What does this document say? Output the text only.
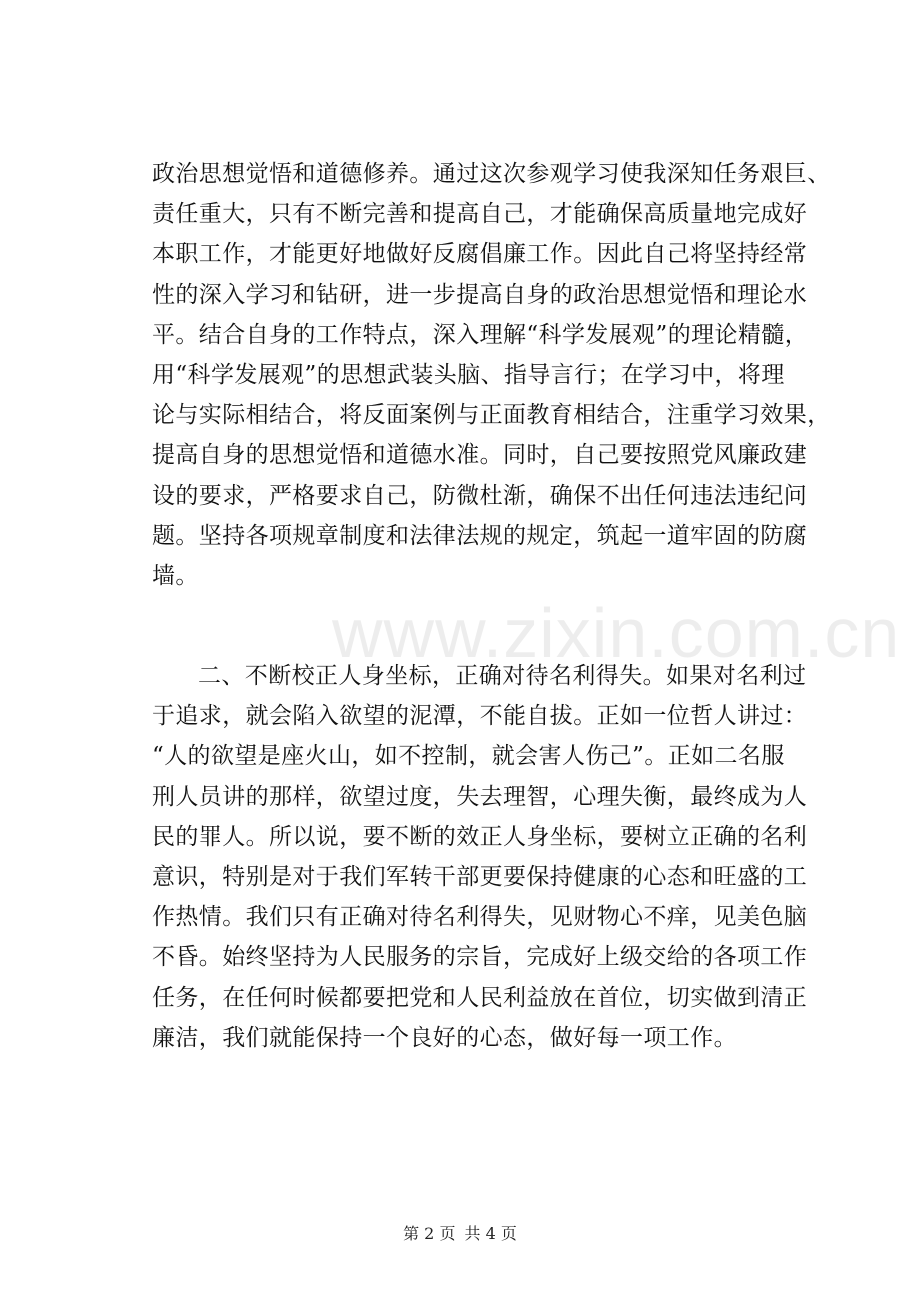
www.zixin.com.cn
政治思想觉悟和道德修养。通过这次参观学习使我深知任务艰巨、
责任重大，只有不断完善和提高自己，才能确保高质量地完成好
本职工作，才能更好地做好反腐倡廉工作。因此自己将坚持经常
性的深入学习和钻研，进一步提高自身的政治思想觉悟和理论水
平。结合自身的工作特点，深入理解“科学发展观”的理论精髓，
用“科学发展观”的思想武装头脑、指导言行；在学习中，将理
论与实际相结合，将反面案例与正面教育相结合，注重学习效果，
提高自身的思想觉悟和道德水准。同时，自己要按照党风廉政建
设的要求，严格要求自己，防微杜渐，确保不出任何违法违纪问
题。坚持各项规章制度和法律法规的规定，筑起一道牢固的防腐
墙。
二、不断校正人身坐标，正确对待名利得失。如果对名利过
于追求，就会陷入欲望的泥潭，不能自拔。正如一位哲人讲过：
“人的欲望是座火山，如不控制，就会害人伤己”。正如二名服
刑人员讲的那样，欲望过度，失去理智，心理失衡，最终成为人
民的罪人。所以说，要不断的效正人身坐标，要树立正确的名利
意识，特别是对于我们军转干部更要保持健康的心态和旺盛的工
作热情。我们只有正确对待名利得失，见财物心不痒，见美色脑
不昏。始终坚持为人民服务的宗旨，完成好上级交给的各项工作
任务，在任何时候都要把党和人民利益放在首位，切实做到清正
廉洁，我们就能保持一个良好的心态，做好每一项工作。
第 2 页 共 4 页
